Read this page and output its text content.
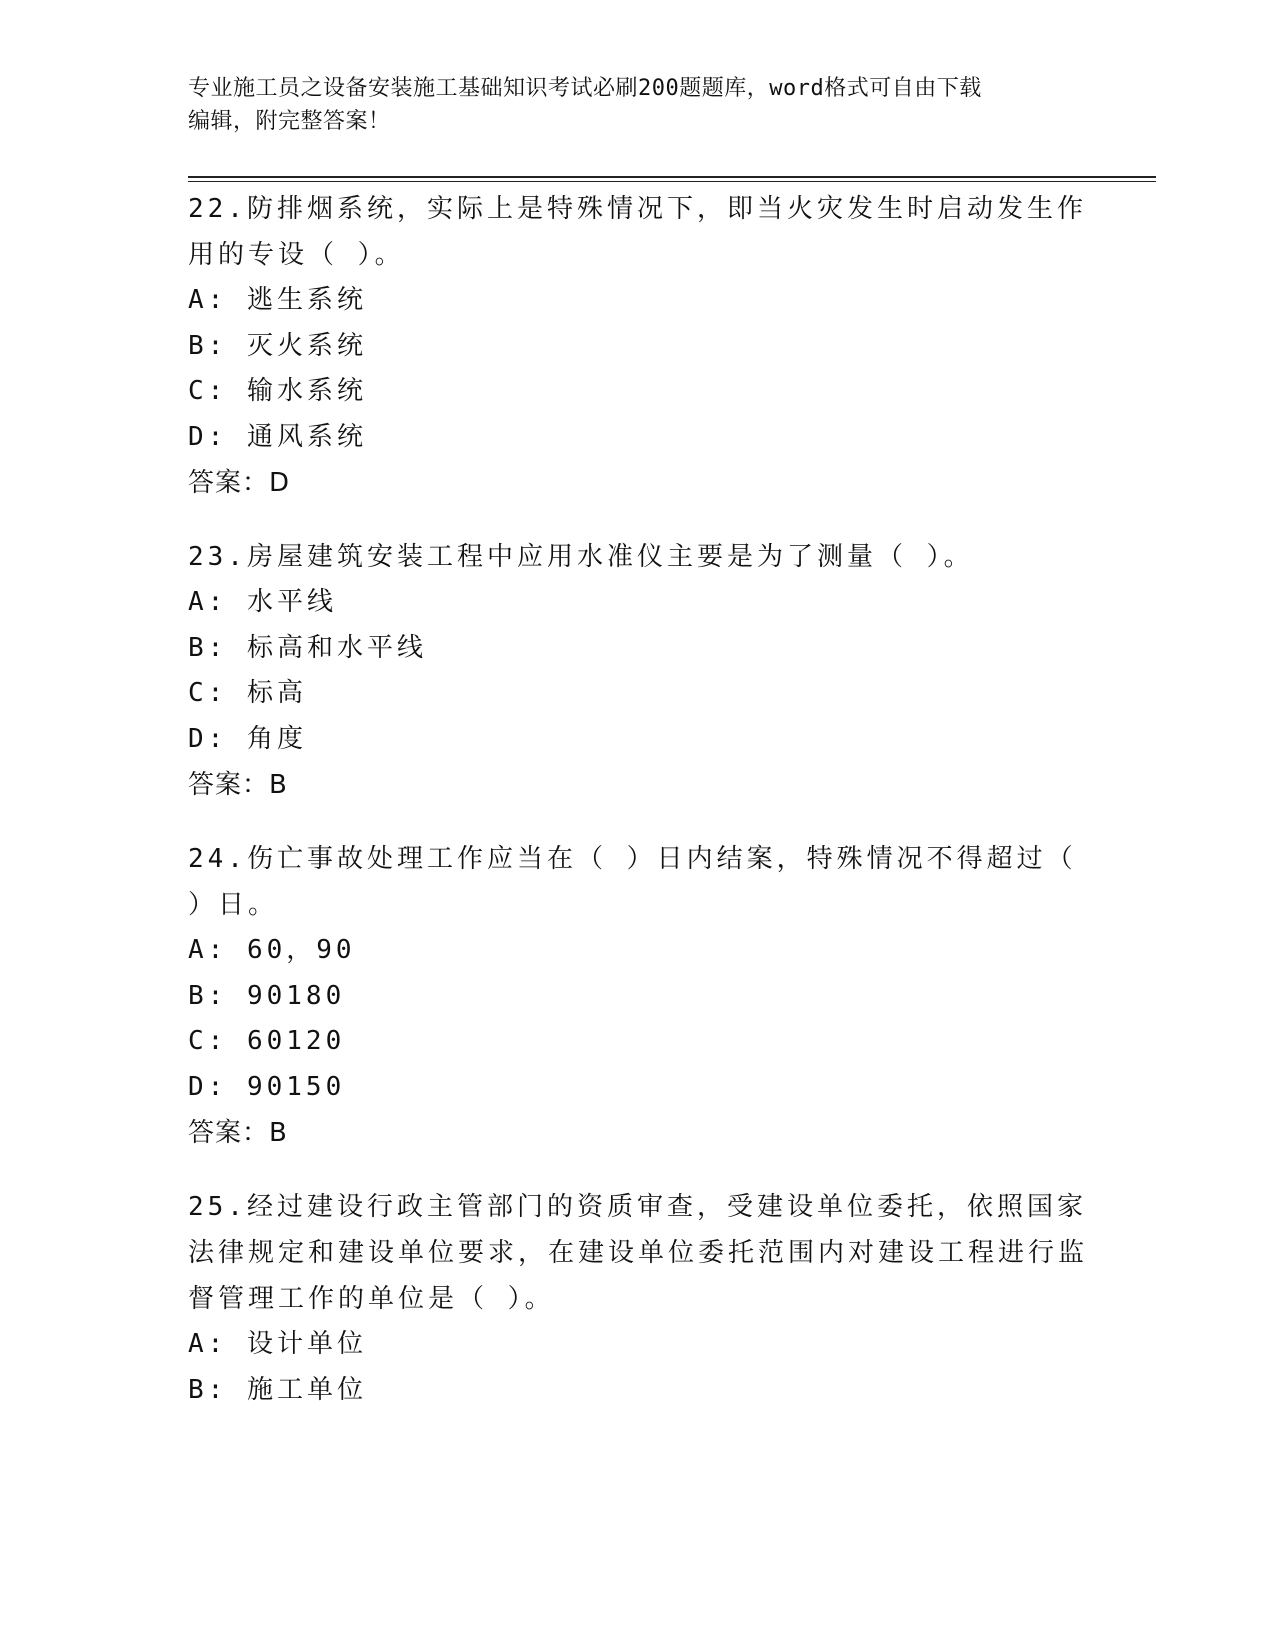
专业施工员之设备安装施工基础知识考试必刷200题题库，word格式可自由下载
编辑，附完整答案！

22.防排烟系统，实际上是特殊情况下，即当火灾发生时启动发生作用的专设（ ）。

A: 逃生系统

B: 灭火系统

C: 输水系统

D: 通风系统

答案：D

23.房屋建筑安装工程中应用水准仪主要是为了测量（ ）。

A: 水平线

B: 标高和水平线

C: 标高

D: 角度

答案：B

24.伤亡事故处理工作应当在（ ）日内结案，特殊情况不得超过（ ）日。

A: 60，90

B: 90180

C: 60120

D: 90150

答案：B

25.经过建设行政主管部门的资质审查，受建设单位委托，依照国家法律规定和建设单位要求，在建设单位委托范围内对建设工程进行监督管理工作的单位是（ ）。

A: 设计单位

B: 施工单位
